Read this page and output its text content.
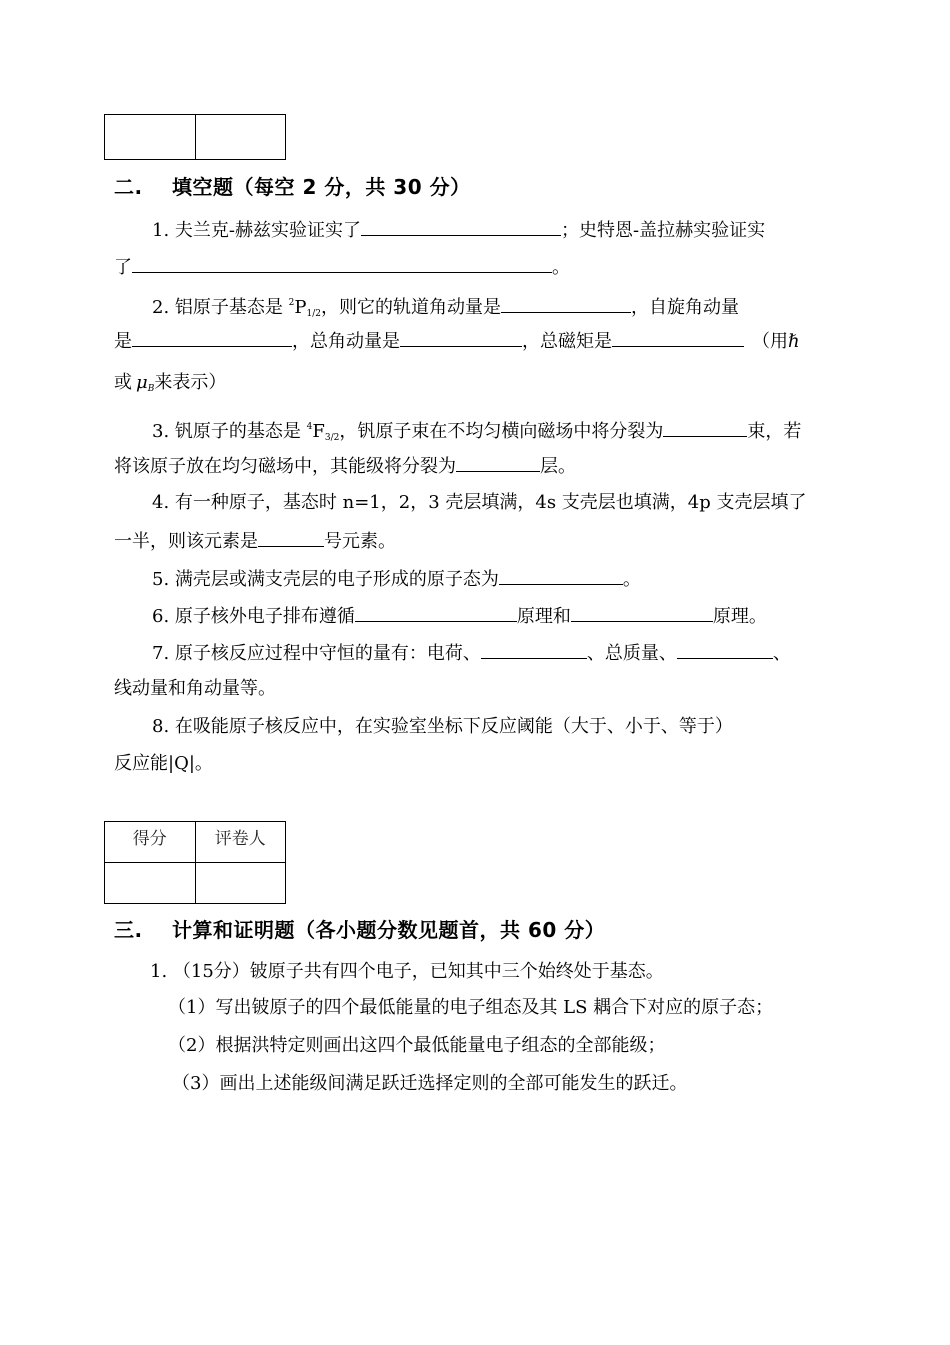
二. 填空题（每空 2 分，共 30 分）
1. 夫兰克-赫兹实验证实了	；史特恩-盖拉赫实验证实
了	。
2. 铝原子基态是 $^2P_{1/2}$，则它的轨道角动量是	，自旋角动量
是	，总角动量是	，总磁矩是	（用ℏ
或 $\mu_B$来表示）
3. 钒原子的基态是 $^4F_{3/2}$，钒原子束在不均匀横向磁场中将分裂为	束，若
将该原子放在均匀磁场中，其能级将分裂为	层。
4. 有一种原子，基态时 n=1，2，3 壳层填满，4s 支壳层也填满，4p 支壳层填了
一半，则该元素是	号元素。
5. 满壳层或满支壳层的电子形成的原子态为	。
6. 原子核外电子排布遵循	原理和	原理。
7. 原子核反应过程中守恒的量有：电荷、	、总质量、	、
线动量和角动量等。
8. 在吸能原子核反应中，在实验室坐标下反应阈能（大于、小于、等于）
反应能|Q|。
得分	评卷人

三. 计算和证明题（各小题分数见题首，共 60 分）
1. （15分）铍原子共有四个电子，已知其中三个始终处于基态。
（1）写出铍原子的四个最低能量的电子组态及其 LS 耦合下对应的原子态；
（2）根据洪特定则画出这四个最低能量电子组态的全部能级；
（3）画出上述能级间满足跃迁选择定则的全部可能发生的跃迁。
